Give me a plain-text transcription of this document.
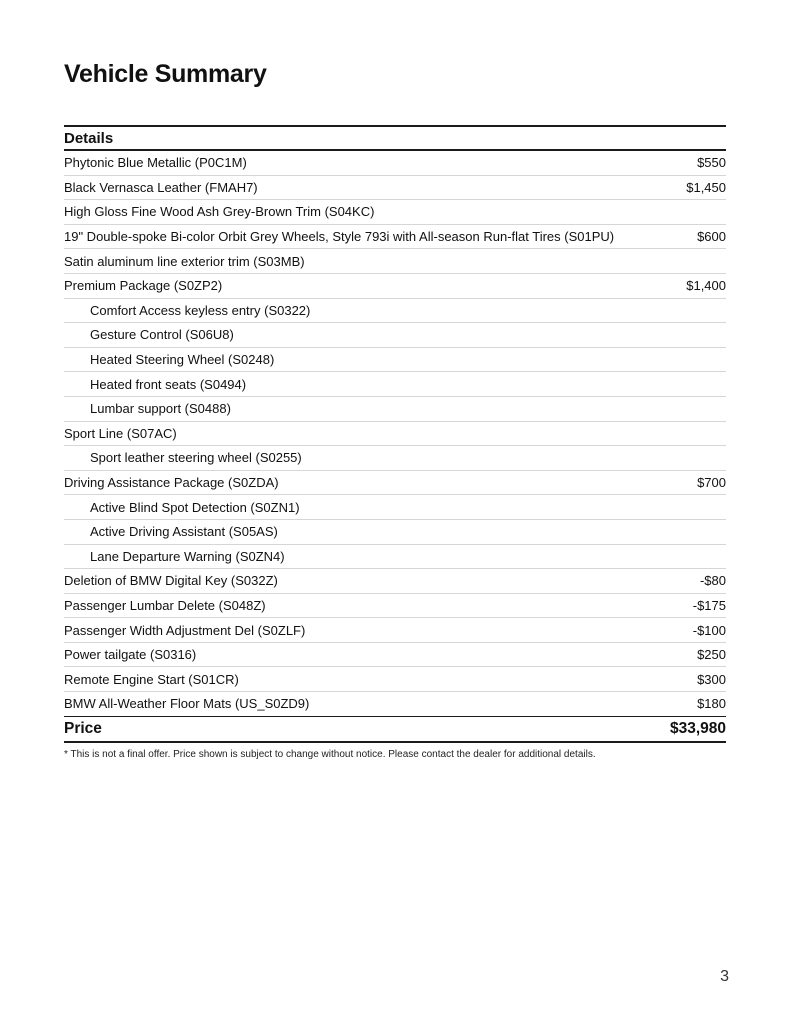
Vehicle Summary
Details
Phytonic Blue Metallic (P0C1M)	$550
Black Vernasca Leather (FMAH7)	$1,450
High Gloss Fine Wood Ash Grey-Brown Trim (S04KC)
19" Double-spoke Bi-color Orbit Grey Wheels, Style 793i with All-season Run-flat Tires (S01PU)	$600
Satin aluminum line exterior trim (S03MB)
Premium Package (S0ZP2)	$1,400
Comfort Access keyless entry (S0322)
Gesture Control (S06U8)
Heated Steering Wheel (S0248)
Heated front seats (S0494)
Lumbar support (S0488)
Sport Line (S07AC)
Sport leather steering wheel (S0255)
Driving Assistance Package (S0ZDA)	$700
Active Blind Spot Detection (S0ZN1)
Active Driving Assistant (S05AS)
Lane Departure Warning (S0ZN4)
Deletion of BMW Digital Key (S032Z)	-$80
Passenger Lumbar Delete (S048Z)	-$175
Passenger Width Adjustment Del (S0ZLF)	-$100
Power tailgate (S0316)	$250
Remote Engine Start (S01CR)	$300
BMW All-Weather Floor Mats (US_S0ZD9)	$180
Price	$33,980
* This is not a final offer. Price shown is subject to change without notice. Please contact the dealer for additional details.
3
